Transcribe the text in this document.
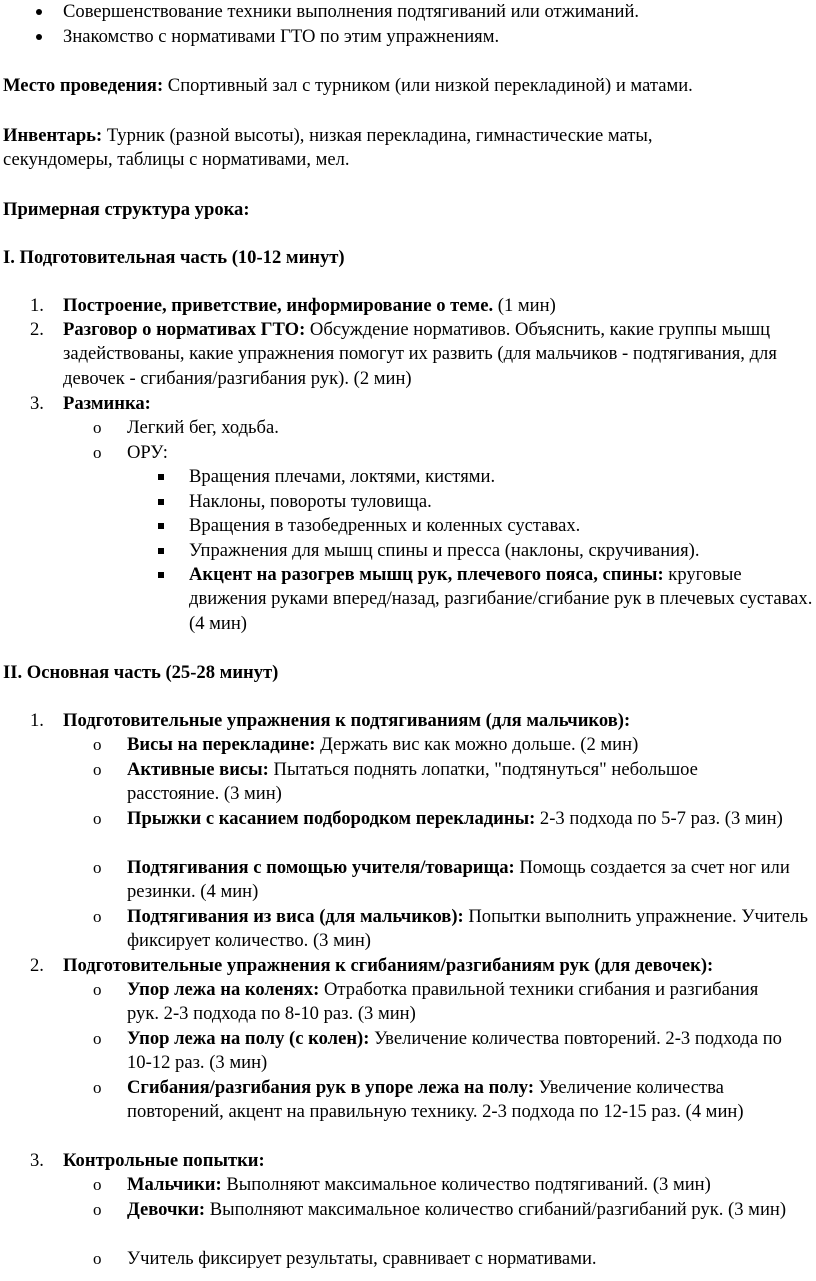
Совершенствование техники выполнения подтягиваний или отжиманий.
Знакомство с нормативами ГТО по этим упражнениям.
Место проведения: Спортивный зал с турником (или низкой перекладиной) и матами.
Инвентарь: Турник (разной высоты), низкая перекладина, гимнастические маты, секундомеры, таблицы с нормативами, мел.
Примерная структура урока:
I. Подготовительная часть (10-12 минут)
1. Построение, приветствие, информирование о теме. (1 мин)
2. Разговор о нормативах ГТО: Обсуждение нормативов. Объяснить, какие группы мышц задействованы, какие упражнения помогут их развить (для мальчиков - подтягивания, для девочек - сгибания/разгибания рук). (2 мин)
3. Разминка:
o Легкий бег, ходьба.
o ОРУ:
Вращения плечами, локтями, кистями.
Наклоны, повороты туловища.
Вращения в тазобедренных и коленных суставах.
Упражнения для мышц спины и пресса (наклоны, скручивания).
Акцент на разогрев мышц рук, плечевого пояса, спины: круговые движения руками вперед/назад, разгибание/сгибание рук в плечевых суставах. (4 мин)
II. Основная часть (25-28 минут)
1. Подготовительные упражнения к подтягиваниям (для мальчиков):
o Висы на перекладине: Держать вис как можно дольше. (2 мин)
o Активные висы: Пытаться поднять лопатки, "подтянуться" небольшое расстояние. (3 мин)
o Прыжки с касанием подбородком перекладины: 2-3 подхода по 5-7 раз. (3 мин)
o Подтягивания с помощью учителя/товарища: Помощь создается за счет ног или резинки. (4 мин)
o Подтягивания из виса (для мальчиков): Попытки выполнить упражнение. Учитель фиксирует количество. (3 мин)
2. Подготовительные упражнения к сгибаниям/разгибаниям рук (для девочек):
o Упор лежа на коленях: Отработка правильной техники сгибания и разгибания рук. 2-3 подхода по 8-10 раз. (3 мин)
o Упор лежа на полу (с колен): Увеличение количества повторений. 2-3 подхода по 10-12 раз. (3 мин)
o Сгибания/разгибания рук в упоре лежа на полу: Увеличение количества повторений, акцент на правильную технику. 2-3 подхода по 12-15 раз. (4 мин)
3. Контрольные попытки:
o Мальчики: Выполняют максимальное количество подтягиваний. (3 мин)
o Девочки: Выполняют максимальное количество сгибаний/разгибаний рук. (3 мин)
o Учитель фиксирует результаты, сравнивает с нормативами.
